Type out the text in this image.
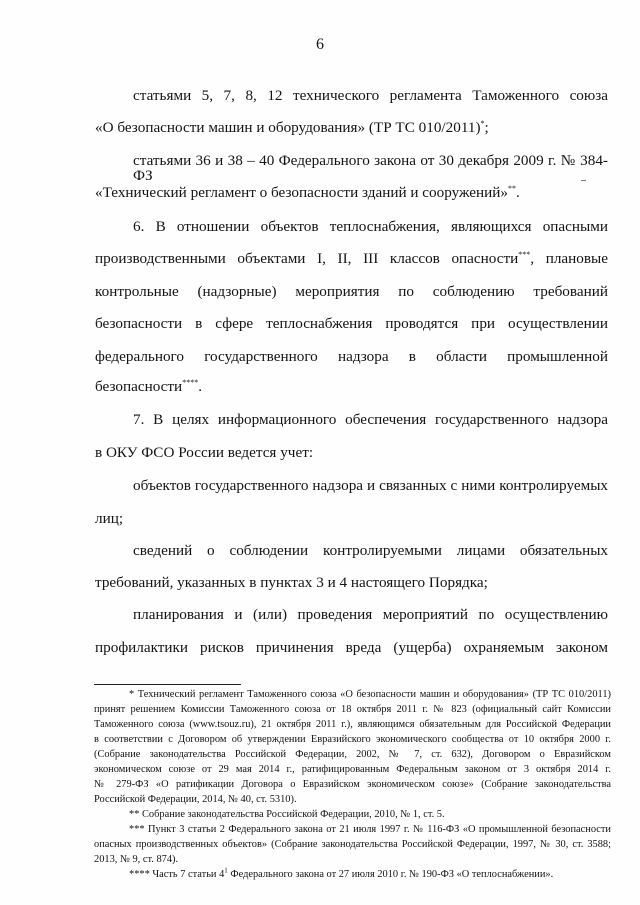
6
статьями 5, 7, 8, 12 технического регламента Таможенного союза
«О безопасности машин и оборудования» (ТР ТС 010/2011)*;
статьями 36 и 38 – 40 Федерального закона от 30 декабря 2009 г. № 384-ФЗ
«Технический регламент о безопасности зданий и сооружений»**.
6. В отношении объектов теплоснабжения, являющихся опасными
производственными объектами I, II, III классов опасности***, плановые
контрольные (надзорные) мероприятия по соблюдению требований
безопасности в сфере теплоснабжения проводятся при осуществлении
федерального государственного надзора в области промышленной
безопасности****.
7. В целях информационного обеспечения государственного надзора
в ОКУ ФСО России ведется учет:
объектов государственного надзора и связанных с ними контролируемых
лиц;
сведений о соблюдении контролируемыми лицами обязательных
требований, указанных в пунктах 3 и 4 настоящего Порядка;
планирования и (или) проведения мероприятий по осуществлению
профилактики рисков причинения вреда (ущерба) охраняемым законом
* Технический регламент Таможенного союза «О безопасности машин и оборудования» (ТР ТС 010/2011)
принят решением Комиссии Таможенного союза от 18 октября 2011 г. № 823 (официальный сайт Комиссии
Таможенного союза (www.tsouz.ru), 21 октября 2011 г.), являющимся обязательным для Российской Федерации
в соответствии с Договором об утверждении Евразийского экономического сообщества от 10 октября 2000 г.
(Собрание законодательства Российской Федерации, 2002, № 7, ст. 632), Договором о Евразийском
экономическом союзе от 29 мая 2014 г., ратифицированным Федеральным законом от 3 октября 2014 г.
№ 279-ФЗ «О ратификации Договора о Евразийском экономическом союзе» (Собрание законодательства
Российской Федерации, 2014, № 40, ст. 5310).
** Собрание законодательства Российской Федерации, 2010, № 1, ст. 5.
*** Пункт 3 статьи 2 Федерального закона от 21 июля 1997 г. № 116-ФЗ «О промышленной безопасности
опасных производственных объектов» (Собрание законодательства Российской Федерации, 1997, № 30, ст. 3588;
2013, № 9, ст. 874).
**** Часть 7 статьи 4$^1$ Федерального закона от 27 июля 2010 г. № 190-ФЗ «О теплоснабжении».
